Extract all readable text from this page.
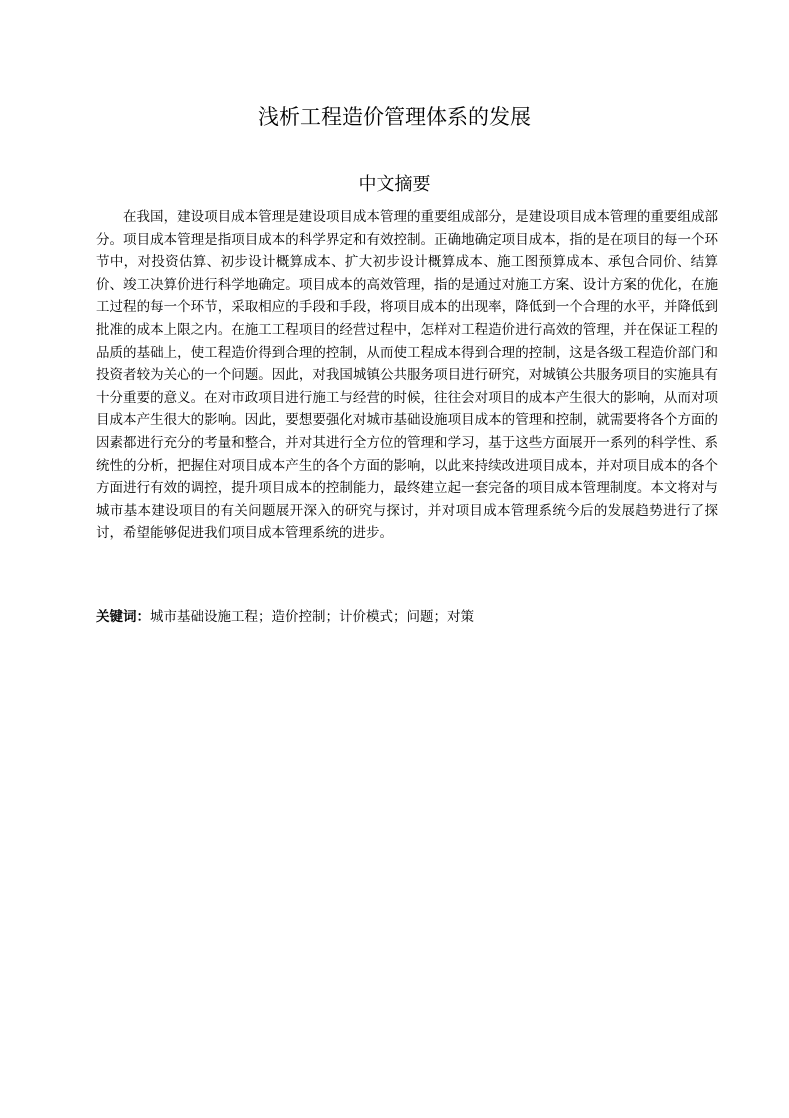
浅析工程造价管理体系的发展
中文摘要

在我国，建设项目成本管理是建设项目成本管理的重要组成部分，是建设项目成本管理的重要组成部分。项目成本管理是指项目成本的科学界定和有效控制。正确地确定项目成本，指的是在项目的每一个环节中，对投资估算、初步设计概算成本、扩大初步设计概算成本、施工图预算成本、承包合同价、结算价、竣工决算价进行科学地确定。项目成本的高效管理，指的是通过对施工方案、设计方案的优化，在施工过程的每一个环节，采取相应的手段和手段，将项目成本的出现率，降低到一个合理的水平，并降低到批准的成本上限之内。在施工工程项目的经营过程中，怎样对工程造价进行高效的管理，并在保证工程的品质的基础上，使工程造价得到合理的控制，从而使工程成本得到合理的控制，这是各级工程造价部门和投资者较为关心的一个问题。因此，对我国城镇公共服务项目进行研究，对城镇公共服务项目的实施具有十分重要的意义。在对市政项目进行施工与经营的时候，往往会对项目的成本产生很大的影响，从而对项目成本产生很大的影响。因此，要想要强化对城市基础设施项目成本的管理和控制，就需要将各个方面的因素都进行充分的考量和整合，并对其进行全方位的管理和学习，基于这些方面展开一系列的科学性、系统性的分析，把握住对项目成本产生的各个方面的影响，以此来持续改进项目成本，并对项目成本的各个方面进行有效的调控，提升项目成本的控制能力，最终建立起一套完备的项目成本管理制度。本文将对与城市基本建设项目的有关问题展开深入的研究与探讨，并对项目成本管理系统今后的发展趋势进行了探讨，希望能够促进我们项目成本管理系统的进步。

关键词：城市基础设施工程；造价控制；计价模式；问题；对策
